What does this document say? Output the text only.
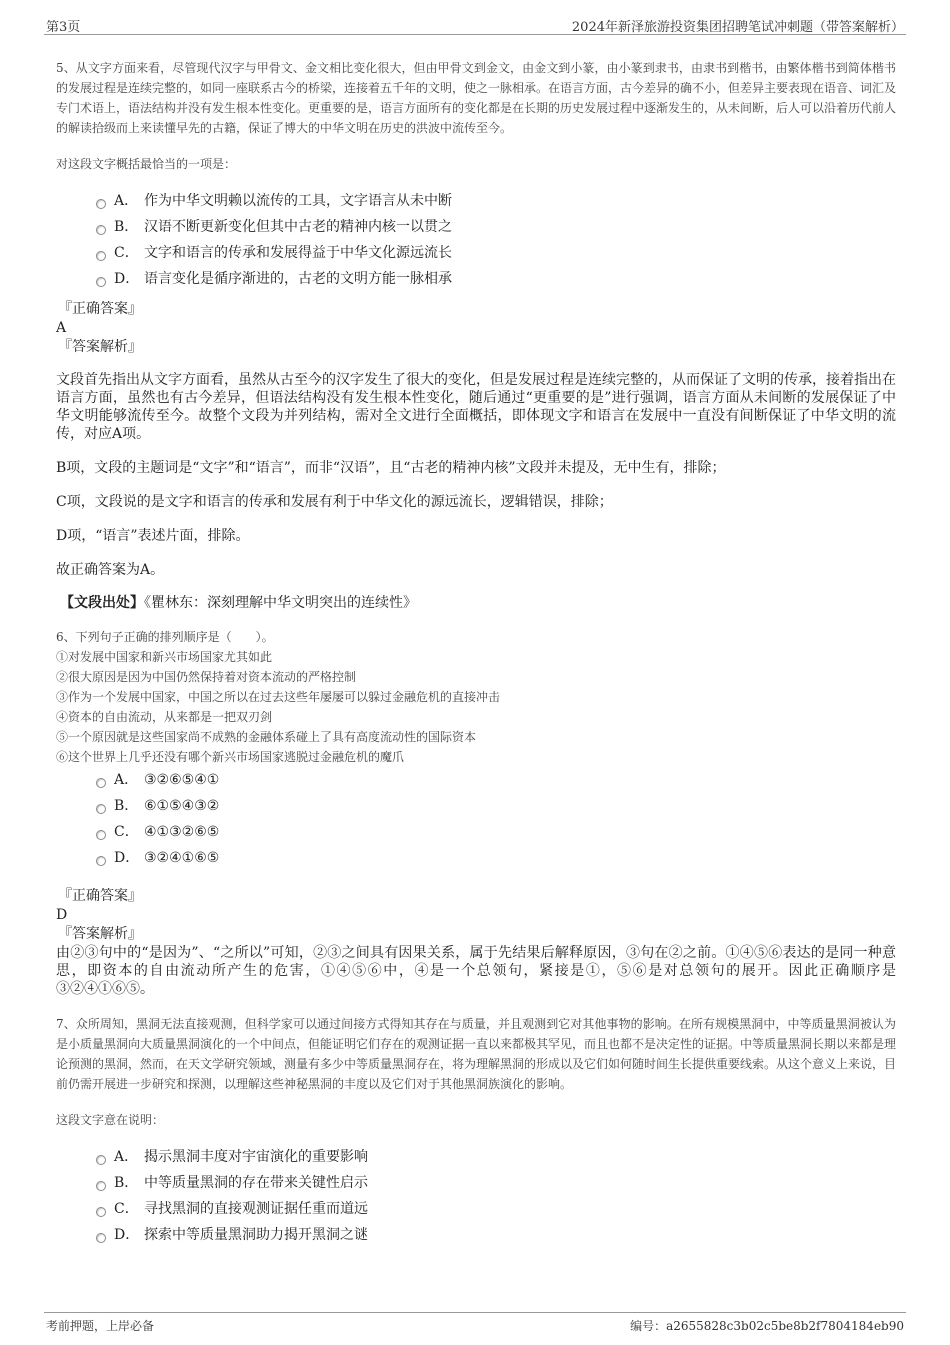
第3页	2024年新泽旅游投资集团招聘笔试冲刺题（带答案解析）

5、从文字方面来看，尽管现代汉字与甲骨文、金文相比变化很大，但由甲骨文到金文，由金文到小篆，由小篆到隶书，由隶书到楷书，由繁体楷书到简体楷书的发展过程是连续完整的，如同一座联系古今的桥梁，连接着五千年的文明，使之一脉相承。在语言方面，古今差异的确不小，但差异主要表现在语音、词汇及专门术语上，语法结构并没有发生根本性变化。更重要的是，语言方面所有的变化都是在长期的历史发展过程中逐渐发生的，从未间断，后人可以沿着历代前人的解读拾级而上来读懂早先的古籍，保证了博大的中华文明在历史的洪波中流传至今。

对这段文字概括最恰当的一项是：
A． 作为中华文明赖以流传的工具，文字语言从未中断
B． 汉语不断更新变化但其中古老的精神内核一以贯之
C． 文字和语言的传承和发展得益于中华文化源远流长
D． 语言变化是循序渐进的，古老的文明方能一脉相承
『正确答案』
A
『答案解析』

文段首先指出从文字方面看，虽然从古至今的汉字发生了很大的变化，但是发展过程是连续完整的，从而保证了文明的传承，接着指出在语言方面，虽然也有古今差异，但语法结构没有发生根本性变化，随后通过“更重要的是”进行强调，语言方面从未间断的发展保证了中华文明能够流传至今。故整个文段为并列结构，需对全文进行全面概括，即体现文字和语言在发展中一直没有间断保证了中华文明的流传，对应A项。

B项，文段的主题词是“文字”和“语言”，而非“汉语”，且“古老的精神内核”文段并未提及，无中生有，排除；

C项，文段说的是文字和语言的传承和发展有利于中华文化的源远流长，逻辑错误，排除；

D项，“语言”表述片面，排除。

故正确答案为A。

【文段出处】《瞿林东：深刻理解中华文明突出的连续性》

6、下列句子正确的排列顺序是（　　）。

①对发展中国家和新兴市场国家尤其如此

②很大原因是因为中国仍然保持着对资本流动的严格控制

③作为一个发展中国家，中国之所以在过去这些年屡屡可以躲过金融危机的直接冲击

④资本的自由流动，从来都是一把双刃剑

⑤一个原因就是这些国家尚不成熟的金融体系碰上了具有高度流动性的国际资本

⑥这个世界上几乎还没有哪个新兴市场国家逃脱过金融危机的魔爪

A． ③②⑥⑤④①
B． ⑥①⑤④③②
C． ④①③②⑥⑤
D． ③②④①⑥⑤
『正确答案』
D
『答案解析』

由②③句中的“是因为”、“之所以”可知，②③之间具有因果关系，属于先结果后解释原因，③句在②之前。①④⑤⑥表达的是同一种意思，即资本的自由流动所产生的危害，①④⑤⑥中，④是一个总领句，紧接是①，⑤⑥是对总领句的展开。因此正确顺序是③②④①⑥⑤。

7、众所周知，黑洞无法直接观测，但科学家可以通过间接方式得知其存在与质量，并且观测到它对其他事物的影响。在所有规模黑洞中，中等质量黑洞被认为是小质量黑洞向大质量黑洞演化的一个中间点，但能证明它们存在的观测证据一直以来都极其罕见，而且也都不是决定性的证据。中等质量黑洞长期以来都是理论预测的黑洞，然而，在天文学研究领域，测量有多少中等质量黑洞存在，将为理解黑洞的形成以及它们如何随时间生长提供重要线索。从这个意义上来说，目前仍需开展进一步研究和探测，以理解这些神秘黑洞的丰度以及它们对于其他黑洞族演化的影响。

这段文字意在说明：
A． 揭示黑洞丰度对宇宙演化的重要影响
B． 中等质量黑洞的存在带来关键性启示
C． 寻找黑洞的直接观测证据任重而道远
D． 探索中等质量黑洞助力揭开黑洞之谜
考前押题，上岸必备	编号：a2655828c3b02c5be8b2f7804184eb90
